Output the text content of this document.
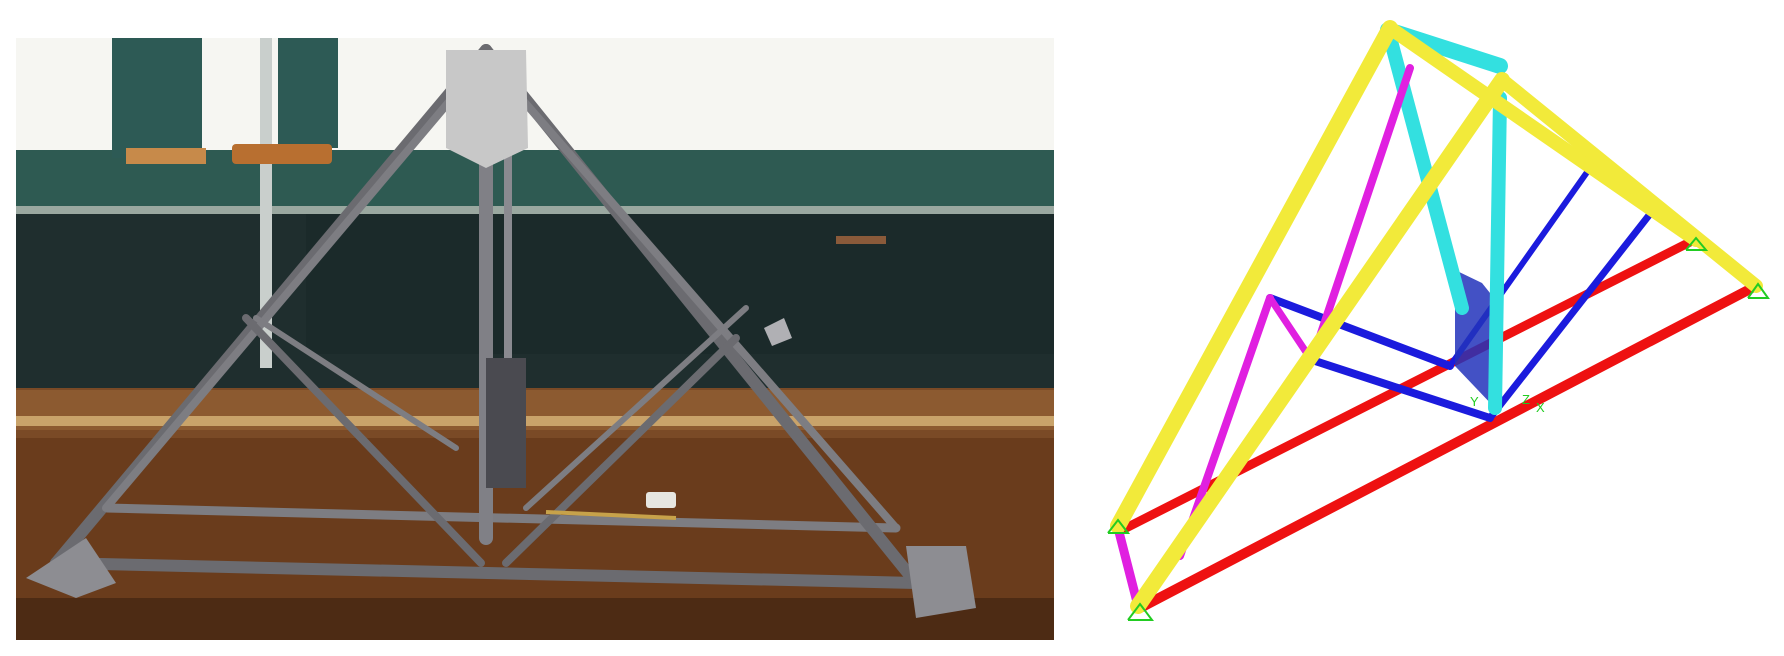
Y	Z
X
